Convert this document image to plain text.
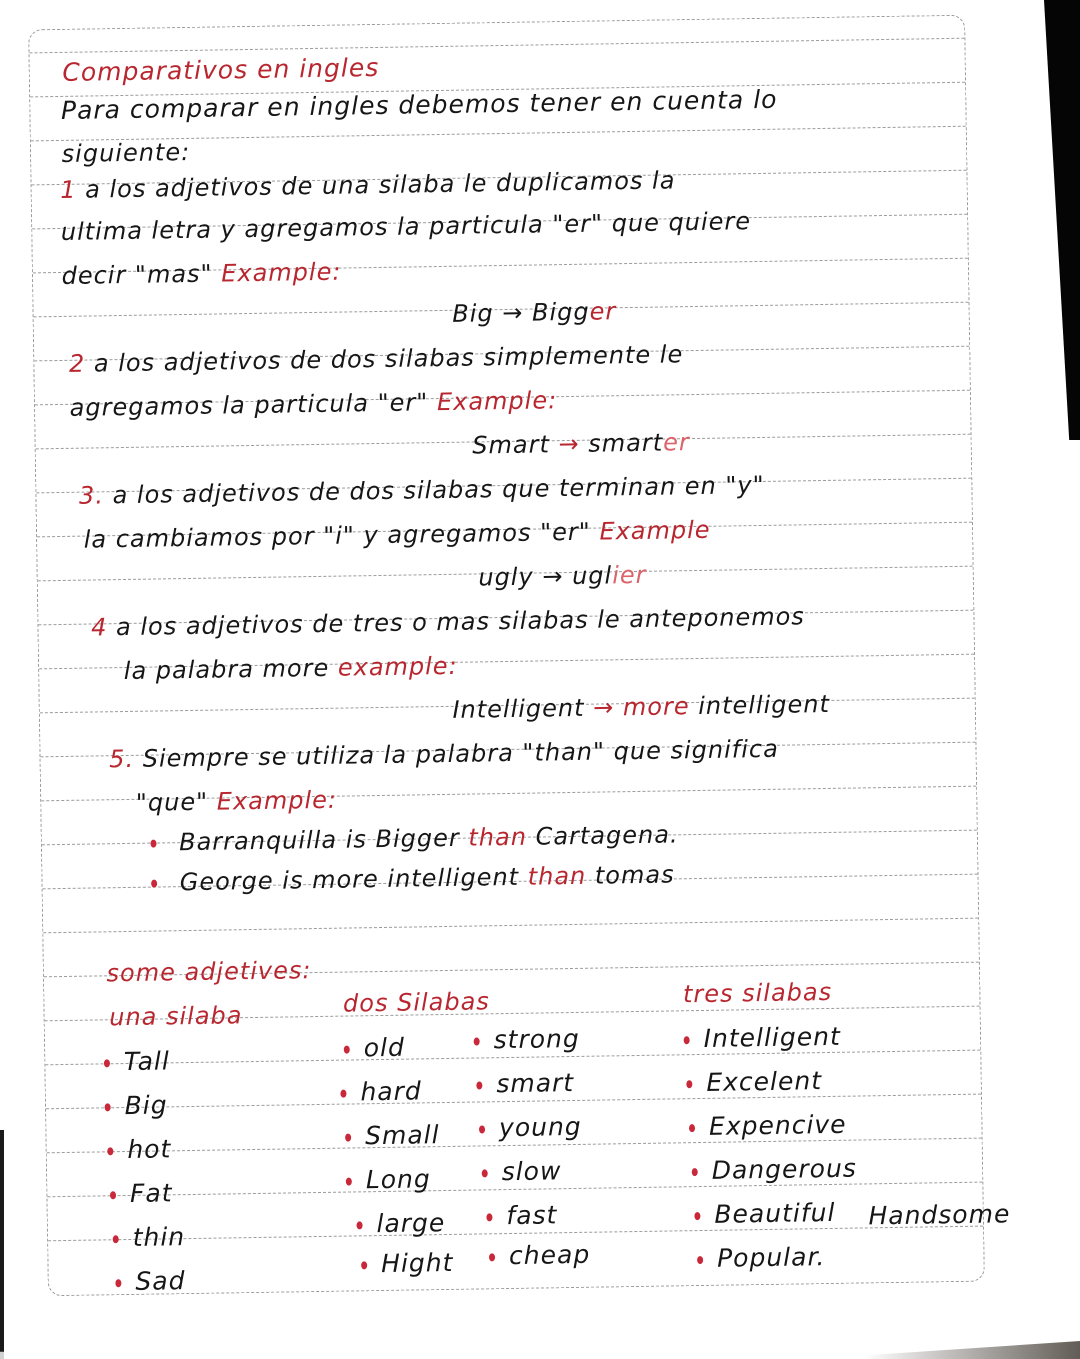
Comparativos en ingles
Para comparar en ingles debemos tener en cuenta lo
siguiente:
1 a los adjetivos de una silaba le duplicamos la
ultima letra y agregamos la particula "er" que quiere
decir "mas" Example:
Big → Bigger
2 a los adjetivos de dos silabas simplemente le
agregamos la particula "er" Example:
Smart → smarter
3. a los adjetivos de dos silabas que terminan en "y"
la cambiamos por "i" y agregamos "er" Example
ugly → uglier
4 a los adjetivos de tres o mas silabas le anteponemos
la palabra more example:
Intelligent → more intelligent
5. Siempre se utiliza la palabra "than" que significa
"que" Example:
Barranquilla is Bigger than Cartagena.
George is more intelligent than tomas
some adjetives:
una silaba	dos Silabas	tres silabas
Tall
Big
hot
Fat
thin
Sad
old
hard
Small
Long
large
Hight
strong
smart
young
slow
fast
cheap
Intelligent
Excelent
Expencive
Dangerous
Beautiful
Popular.
Handsome
